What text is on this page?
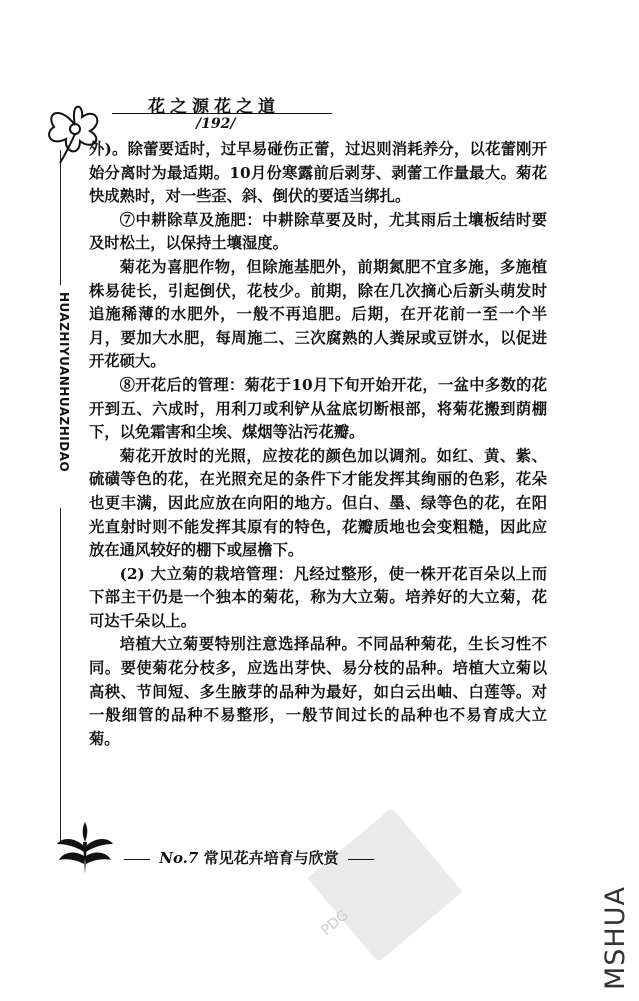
花之源花之道
/192/
HUAZHIYUANHUAZHIDAO

外)。除蕾要适时，过早易碰伤正蕾，过迟则消耗养分，以花蕾刚开始分离时为最适期。10月份寒露前后剥芽、剥蕾工作量最大。菊花快成熟时，对一些歪、斜、倒伏的要适当绑扎。

⑦中耕除草及施肥：中耕除草要及时，尤其雨后土壤板结时要及时松土，以保持土壤湿度。

菊花为喜肥作物，但除施基肥外，前期氮肥不宜多施，多施植株易徒长，引起倒伏，花枝少。前期，除在几次摘心后新头萌发时追施稀薄的水肥外，一般不再追肥。后期，在开花前一至一个半月，要加大水肥，每周施二、三次腐熟的人粪尿或豆饼水，以促进开花硕大。

⑧开花后的管理：菊花于10月下旬开始开花，一盆中多数的花开到五、六成时，用利刀或利铲从盆底切断根部，将菊花搬到荫棚下，以免霜害和尘埃、煤烟等沾污花瓣。

菊花开放时的光照，应按花的颜色加以调剂。如红、黄、紫、硫磺等色的花，在光照充足的条件下才能发挥其绚丽的色彩，花朵也更丰满，因此应放在向阳的地方。但白、墨、绿等色的花，在阳光直射时则不能发挥其原有的特色，花瓣质地也会变粗糙，因此应放在通风较好的棚下或屋檐下。

(2) 大立菊的栽培管理：凡经过整形，使一株开花百朵以上而下部主干仍是一个独本的菊花，称为大立菊。培养好的大立菊，花可达千朵以上。

培植大立菊要特别注意选择品种。不同品种菊花，生长习性不同。要使菊花分枝多，应选出芽快、易分枝的品种。培植大立菊以高秧、节间短、多生腋芽的品种为最好，如白云出岫、白莲等。对一般细管的品种不易整形，一般节间过长的品种也不易育成大立菊。

PDG
No.7 常见花卉培育与欣赏
MSHUA
